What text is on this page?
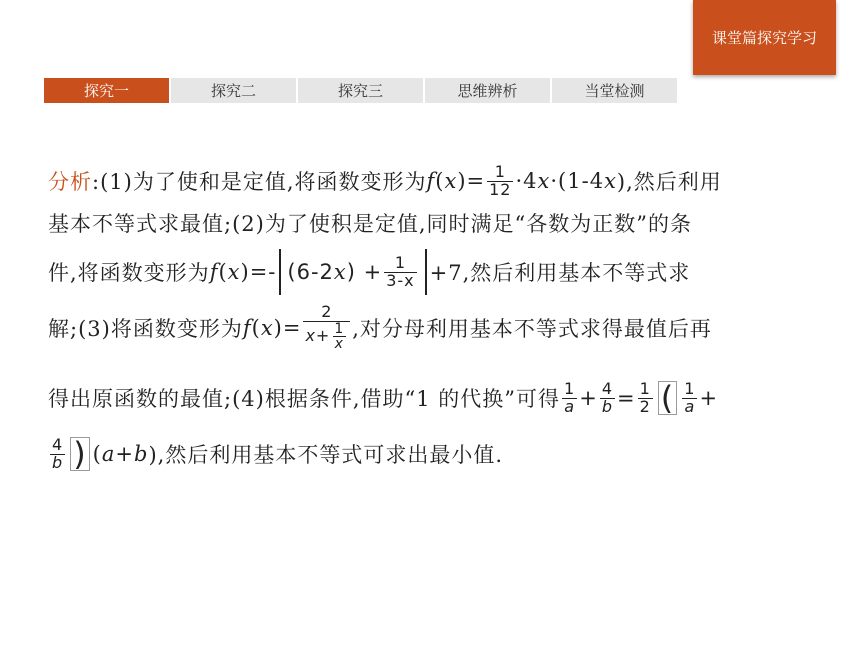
课堂篇探究学习
探究一	探究二	探究三	思维辨析	当堂检测
分析 :(1)为了使和是定值,将函数变形为 f ( x )= $\frac{1}{12} \cdot 4$ x ·(1-4 x ),然后利用
基本不等式求最值;(2)为了使积是定值,同时满足“各数为正数”的条
件,将函数变形为 f ( x )=- (6-2 x ) + $\frac{1}{3-x} +7$,然后利用基本不等式求
解;(3)将函数变形为 f ( x )= $\frac{2}{x+ \frac{1}{x}}$ ,对分母利用基本不等式求得最值后再
得出原函数的最值;(4)根据条件,借助“1 的代换”可得 $\frac{1}{a} + \frac{4}{b} = \frac{1}{2}$ ( $\frac{1}{a}$ +
$\frac{4}{b}$ ) ( a + b ),然后利用基本不等式可求出最小值.
